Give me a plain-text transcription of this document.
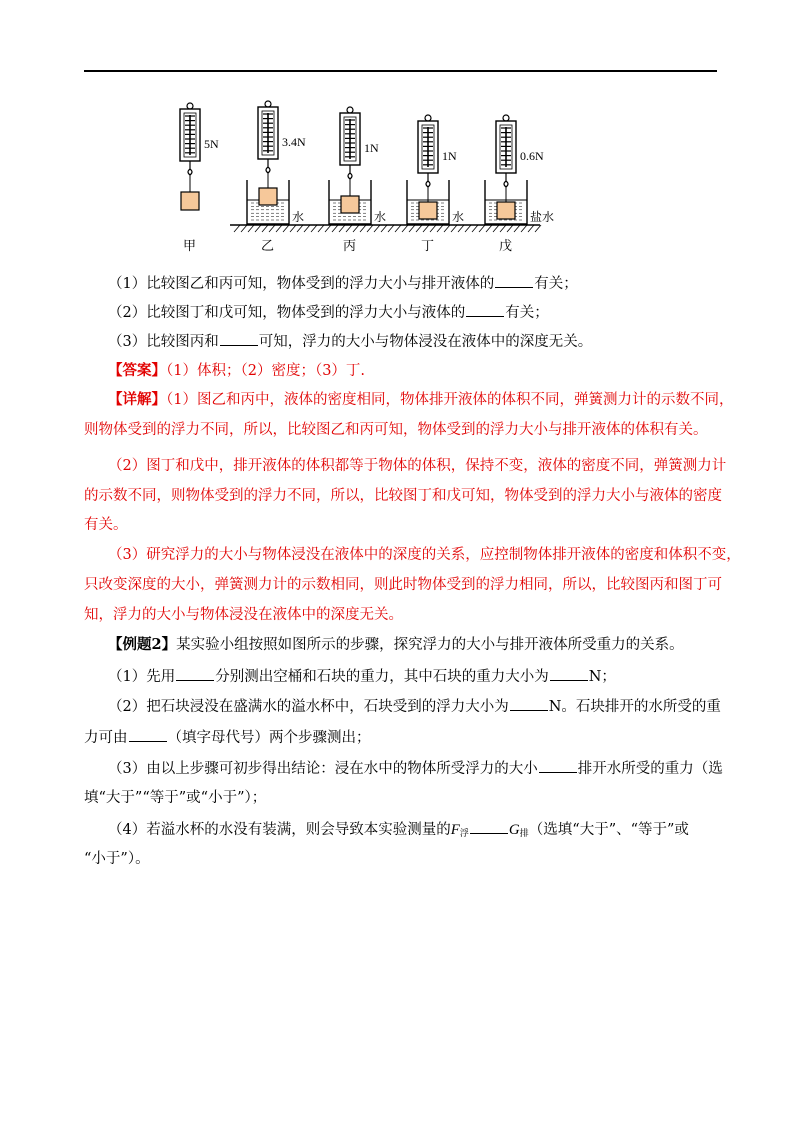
5N
甲
3.4N
乙
水
1N
丙
水
1N
丁
水
0.6N
戊
盐水
（1）比较图乙和丙可知，物体受到的浮力大小与排开液体的	有关；
（2）比较图丁和戊可知，物体受到的浮力大小与液体的	有关；
（3）比较图丙和	可知，浮力的大小与物体浸没在液体中的深度无关。
【答案】（1）体积；（2）密度；（3）丁.
【详解】（1）图乙和丙中，液体的密度相同，物体排开液体的体积不同，弹簧测力计的示数不同，
则物体受到的浮力不同，所以，比较图乙和丙可知，物体受到的浮力大小与排开液体的体积有关。
（2）图丁和戊中，排开液体的体积都等于物体的体积，保持不变，液体的密度不同，弹簧测力计
的示数不同，则物体受到的浮力不同，所以，比较图丁和戊可知，物体受到的浮力大小与液体的密度
有关。
（3）研究浮力的大小与物体浸没在液体中的深度的关系，应控制物体排开液体的密度和体积不变，
只改变深度的大小，弹簧测力计的示数相同，则此时物体受到的浮力相同，所以，比较图丙和图丁可
知，浮力的大小与物体浸没在液体中的深度无关。
【例题2】某实验小组按照如图所示的步骤，探究浮力的大小与排开液体所受重力的关系。
（1）先用	分别测出空桶和石块的重力，其中石块的重力大小为	N；
（2）把石块浸没在盛满水的溢水杯中，石块受到的浮力大小为	N。石块排开的水所受的重
力可由	（填字母代号）两个步骤测出；
（3）由以上步骤可初步得出结论：浸在水中的物体所受浮力的大小	排开水所受的重力（选
填“大于”“等于”或“小于”）；
（4）若溢水杯的水没有装满，则会导致本实验测量的$F_浮$	$G_排$（选填“大于”、“等于”或
“小于”）。
